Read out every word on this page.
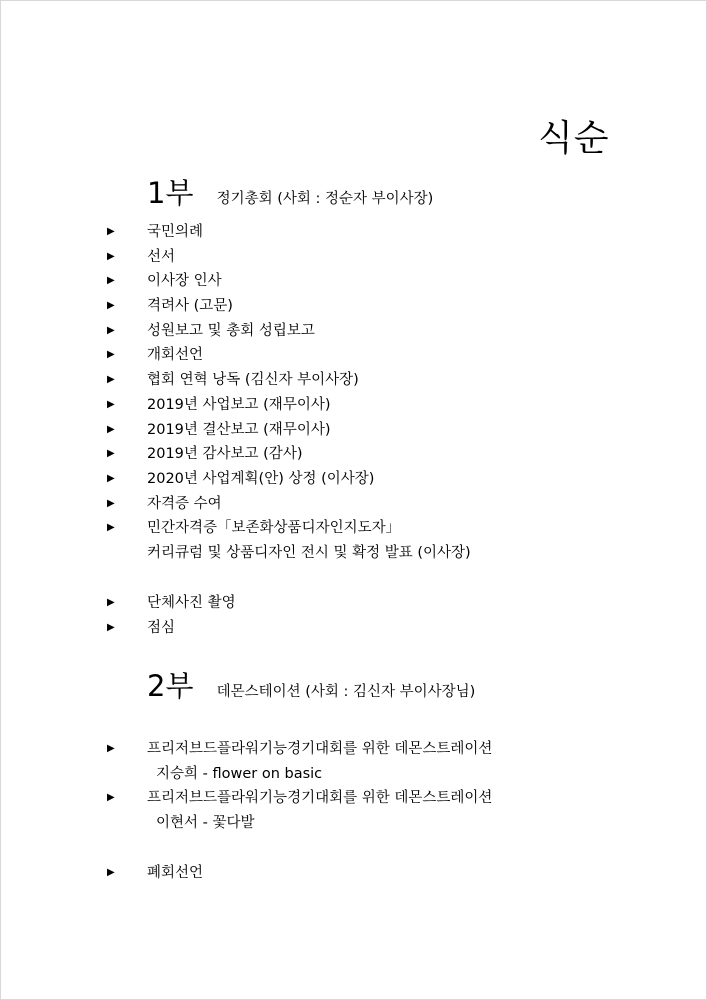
식순
1부 정기총회 (사회 : 정순자 부이사장)
▶ 국민의례
▶ 선서
▶ 이사장 인사
▶ 격려사 (고문)
▶ 성원보고 및 총회 성립보고
▶ 개회선언
▶ 협회 연혁 낭독 (김신자 부이사장)
▶ 2019년 사업보고 (재무이사)
▶ 2019년 결산보고 (재무이사)
▶ 2019년 감사보고 (감사)
▶ 2020년 사업계획(안) 상정 (이사장)
▶ 자격증 수여
▶ 민간자격증「보존화상품디자인지도자」
커리큐럼 및 상품디자인 전시 및 확정 발표 (이사장)
▶ 단체사진 촬영
▶ 점심
2부 데몬스테이션 (사회 : 김신자 부이사장님)
▶ 프리저브드플라워기능경기대회를 위한 데몬스트레이션
지승희 - flower on basic
▶ 프리저브드플라워기능경기대회를 위한 데몬스트레이션
이현서 - 꽃다발
▶ 폐회선언
